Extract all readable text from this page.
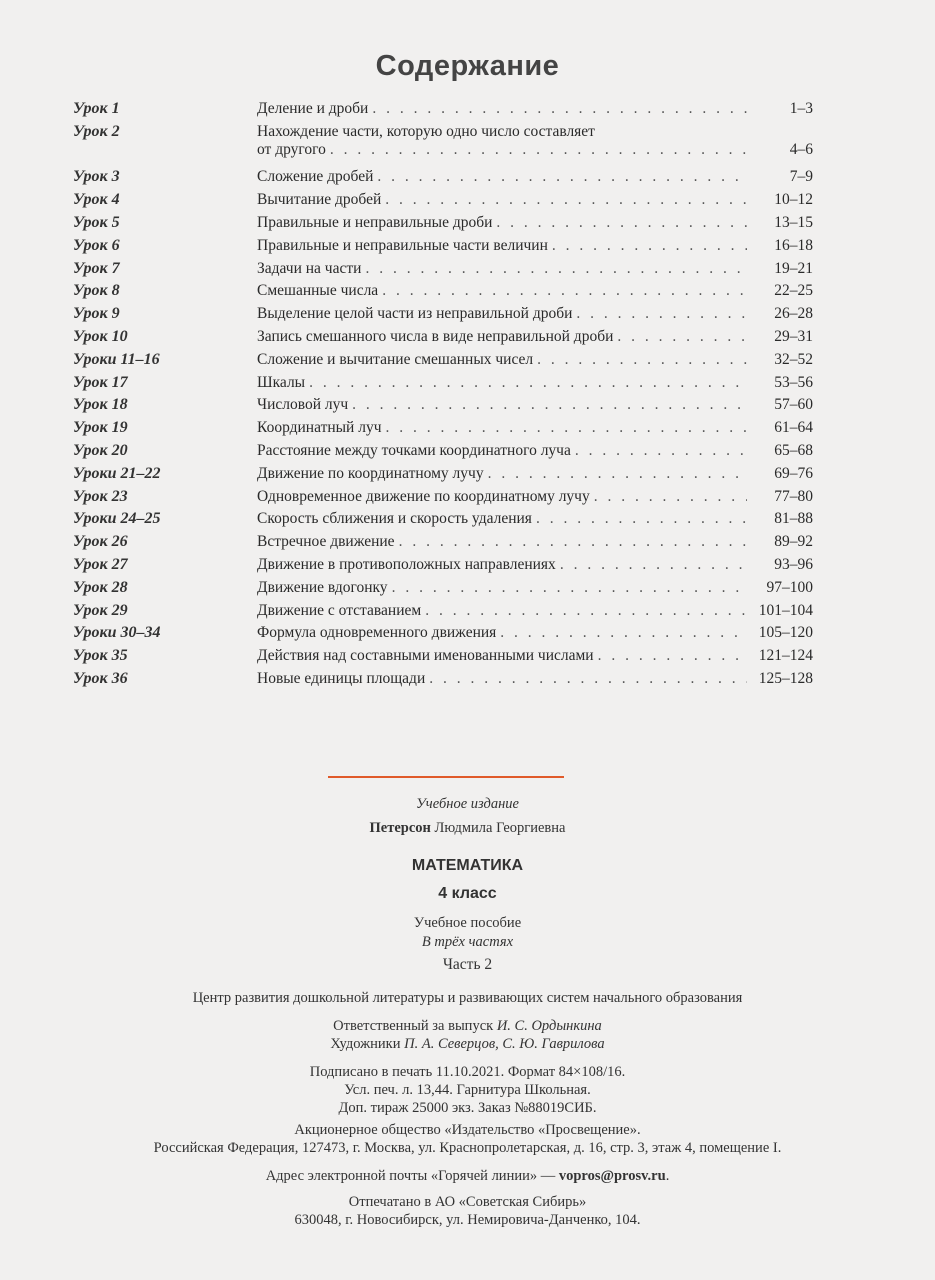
Содержание
Урок 1	Деление и дроби . . .	1–3
Урок 2	Нахождение части, которую одно число составляет
от другого . . .	4–6
Урок 3	Сложение дробей . . .	7–9
Урок 4	Вычитание дробей . . .	10–12
Урок 5	Правильные и неправильные дроби . . .	13–15
Урок 6	Правильные и неправильные части величин . . .	16–18
Урок 7	Задачи на части . . .	19–21
Урок 8	Смешанные числа . . .	22–25
Урок 9	Выделение целой части из неправильной дроби . . .	26–28
Урок 10	Запись смешанного числа в виде неправильной дроби . . .	29–31
Уроки 11–16	Сложение и вычитание смешанных чисел . . .	32–52
Урок 17	Шкалы . . .	53–56
Урок 18	Числовой луч . . .	57–60
Урок 19	Координатный луч . . .	61–64
Урок 20	Расстояние между точками координатного луча . . .	65–68
Уроки 21–22	Движение по координатному лучу . . .	69–76
Урок 23	Одновременное движение по координатному лучу . . .	77–80
Уроки 24–25	Скорость сближения и скорость удаления . . .	81–88
Урок 26	Встречное движение . . .	89–92
Урок 27	Движение в противоположных направлениях . . .	93–96
Урок 28	Движение вдогонку . . .	97–100
Урок 29	Движение с отставанием . . .	101–104
Уроки 30–34	Формула одновременного движения . . .	105–120
Урок 35	Действия над составными именованными числами . . .	121–124
Урок 36	Новые единицы площади . . .	125–128
Учебное издание
Петерсон Людмила Георгиевна
МАТЕМАТИКА
4 класс
Учебное пособие
В трёх частях
Часть 2
Центр развития дошкольной литературы и развивающих систем начального образования
Ответственный за выпуск И. С. Ордынкина
Художники П. А. Северцов, С. Ю. Гаврилова
Подписано в печать 11.10.2021. Формат 84×108/16.
Усл. печ. л. 13,44. Гарнитура Школьная.
Доп. тираж 25000 экз. Заказ №88019СИБ.
Акционерное общество «Издательство «Просвещение».
Российская Федерация, 127473, г. Москва, ул. Краснопролетарская, д. 16, стр. 3, этаж 4, помещение I.
Адрес электронной почты «Горячей линии» — vopros@prosv.ru.
Отпечатано в АО «Советская Сибирь»
630048, г. Новосибирск, ул. Немировича-Данченко, 104.
